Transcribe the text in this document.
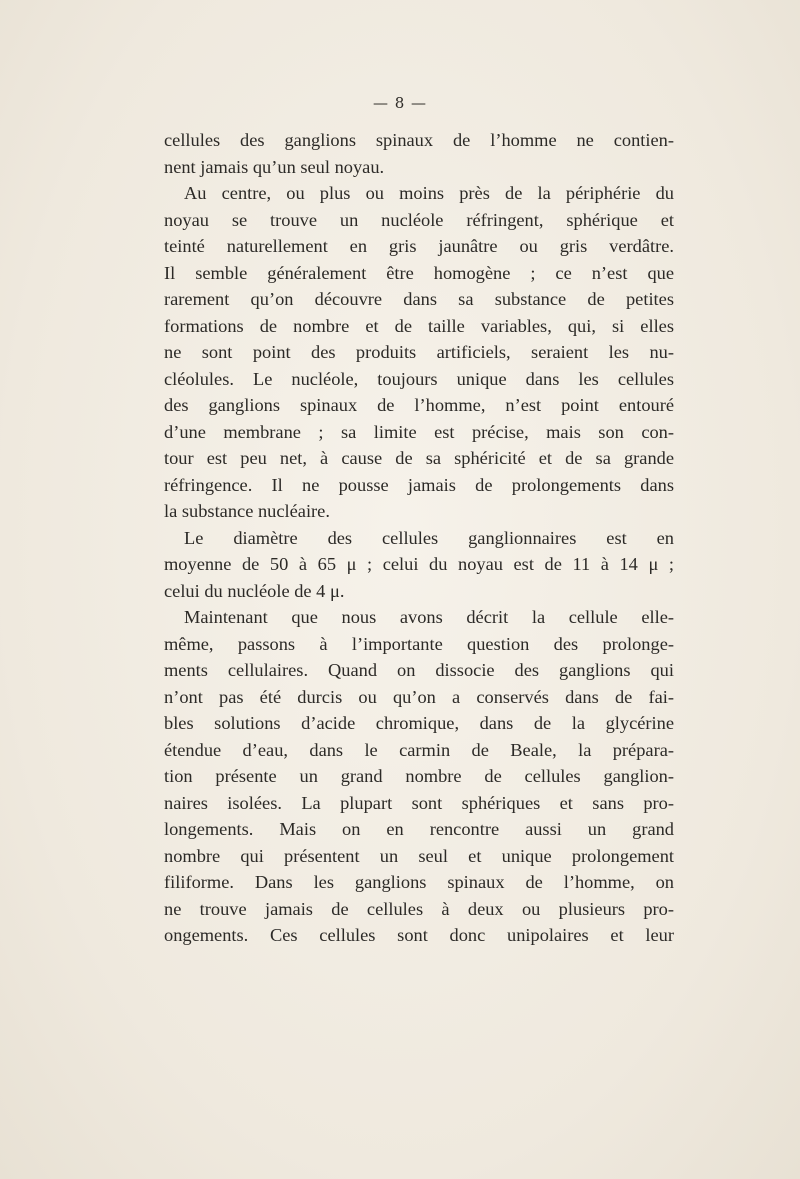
— 8 —
cellules des ganglions spinaux de l’homme ne contien-
nent jamais qu’un seul noyau.
Au centre, ou plus ou moins près de la périphérie du
noyau se trouve un nucléole réfringent, sphérique et
teinté naturellement en gris jaunâtre ou gris verdâtre.
Il semble généralement être homogène ; ce n’est que
rarement qu’on découvre dans sa substance de petites
formations de nombre et de taille variables, qui, si elles
ne sont point des produits artificiels, seraient les nu-
cléolules. Le nucléole, toujours unique dans les cellules
des ganglions spinaux de l’homme, n’est point entouré
d’une membrane ; sa limite est précise, mais son con-
tour est peu net, à cause de sa sphéricité et de sa grande
réfringence. Il ne pousse jamais de prolongements dans
la substance nucléaire.
Le diamètre des cellules ganglionnaires est en
moyenne de 50 à 65 μ ; celui du noyau est de 11 à 14 μ ;
celui du nucléole de 4 μ.
Maintenant que nous avons décrit la cellule elle-
même, passons à l’importante question des prolonge-
ments cellulaires. Quand on dissocie des ganglions qui
n’ont pas été durcis ou qu’on a conservés dans de fai-
bles solutions d’acide chromique, dans de la glycérine
étendue d’eau, dans le carmin de Beale, la prépara-
tion présente un grand nombre de cellules ganglion-
naires isolées. La plupart sont sphériques et sans pro-
longements. Mais on en rencontre aussi un grand
nombre qui présentent un seul et unique prolongement
filiforme. Dans les ganglions spinaux de l’homme, on
ne trouve jamais de cellules à deux ou plusieurs pro-
ongements. Ces cellules sont donc unipolaires et leur
